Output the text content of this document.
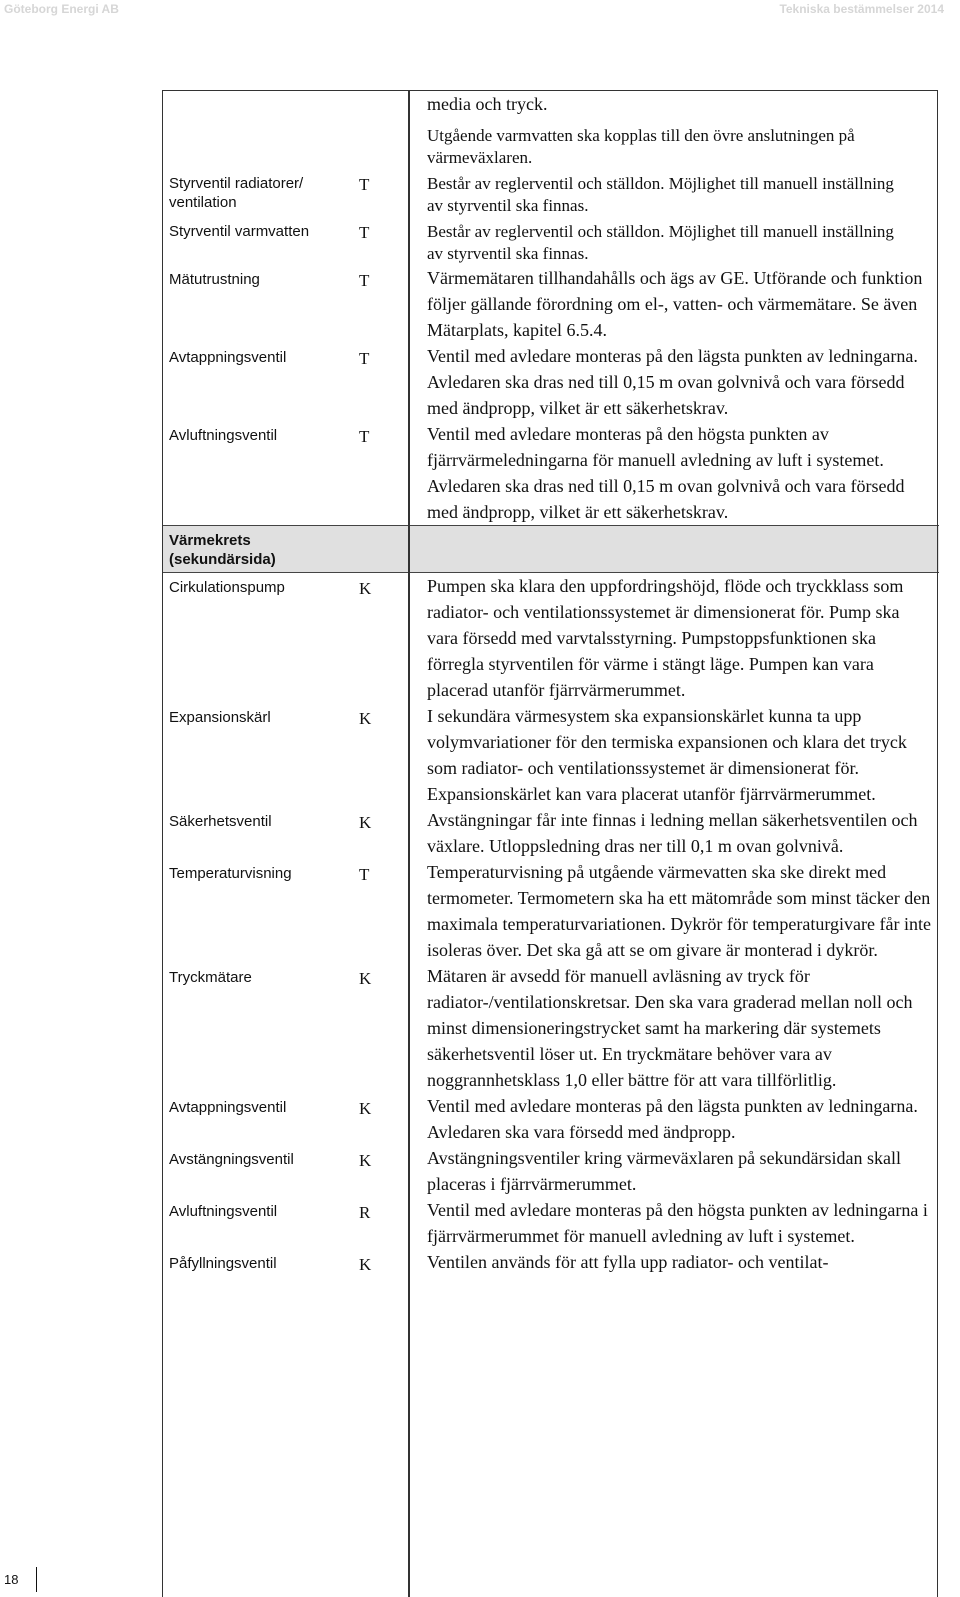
Göteborg Energi AB	Tekniska bestämmelser 2014

		media och tryck.

Utgående varmvatten ska kopplas till den övre anslutningen på värmeväxlaren.

Styrventil radiatorer/ ventilation	T	Består av reglerventil och ställdon. Möjlighet till manuell inställning av styrventil ska finnas.
Styrventil varmvatten	T	Består av reglerventil och ställdon. Möjlighet till manuell inställning av styrventil ska finnas.
Mätutrustning	T	Värmemätaren tillhandahålls och ägs av GE. Utförande och funktion följer gällande förordning om el-, vatten- och värmemätare. Se även Mätarplats, kapitel 6.5.4.
Avtappningsventil	T	Ventil med avledare monteras på den lägsta punkten av ledningarna. Avledaren ska dras ned till 0,15 m ovan golvnivå och vara försedd med ändpropp, vilket är ett säkerhetskrav.
Avluftningsventil	T	Ventil med avledare monteras på den högsta punkten av fjärrvärmeledningarna för manuell avledning av luft i systemet. Avledaren ska dras ned till 0,15 m ovan golvnivå och vara försedd med ändpropp, vilket är ett säkerhetskrav.
Värmekrets (sekundärsida)		
Cirkulationspump	K	Pumpen ska klara den uppfordringshöjd, flöde och tryckklass som radiator- och ventilationssystemet är dimensionerat för. Pump ska vara försedd med varvtalsstyrning. Pumpstoppsfunktionen ska förregla styrventilen för värme i stängt läge. Pumpen kan vara placerad utanför fjärrvärmerummet.
Expansionskärl	K	I sekundära värmesystem ska expansionskärlet kunna ta upp volymvariationer för den termiska expansionen och klara det tryck som radiator- och ventilationssystemet är dimensionerat för. Expansionskärlet kan vara placerat utanför fjärrvärmerummet.
Säkerhetsventil	K	Avstängningar får inte finnas i ledning mellan säkerhetsventilen och växlare. Utloppsledning dras ner till 0,1 m ovan golvnivå.
Temperaturvisning	T	Temperaturvisning på utgående värmevatten ska ske direkt med termometer. Termometern ska ha ett mätområde som minst täcker den maximala temperaturvariationen. Dykrör för temperaturgivare får inte isoleras över. Det ska gå att se om givare är monterad i dykrör.
Tryckmätare	K	Mätaren är avsedd för manuell avläsning av tryck för radiator-/ventilationskretsar. Den ska vara graderad mellan noll och minst dimensioneringstrycket samt ha markering där systemets säkerhetsventil löser ut. En tryckmätare behöver vara av noggrannhetsklass 1,0 eller bättre för att vara tillförlitlig.
Avtappningsventil	K	Ventil med avledare monteras på den lägsta punkten av ledningarna. Avledaren ska vara försedd med ändpropp.
Avstängningsventil	K	Avstängningsventiler kring värmeväxlaren på sekundärsidan skall placeras i fjärrvärmerummet.
Avluftningsventil	R	Ventil med avledare monteras på den högsta punkten av ledningarna i fjärrvärmerummet för manuell avledning av luft i systemet.
Påfyllningsventil	K	Ventilen används för att fylla upp radiator- och ventilat-
18
